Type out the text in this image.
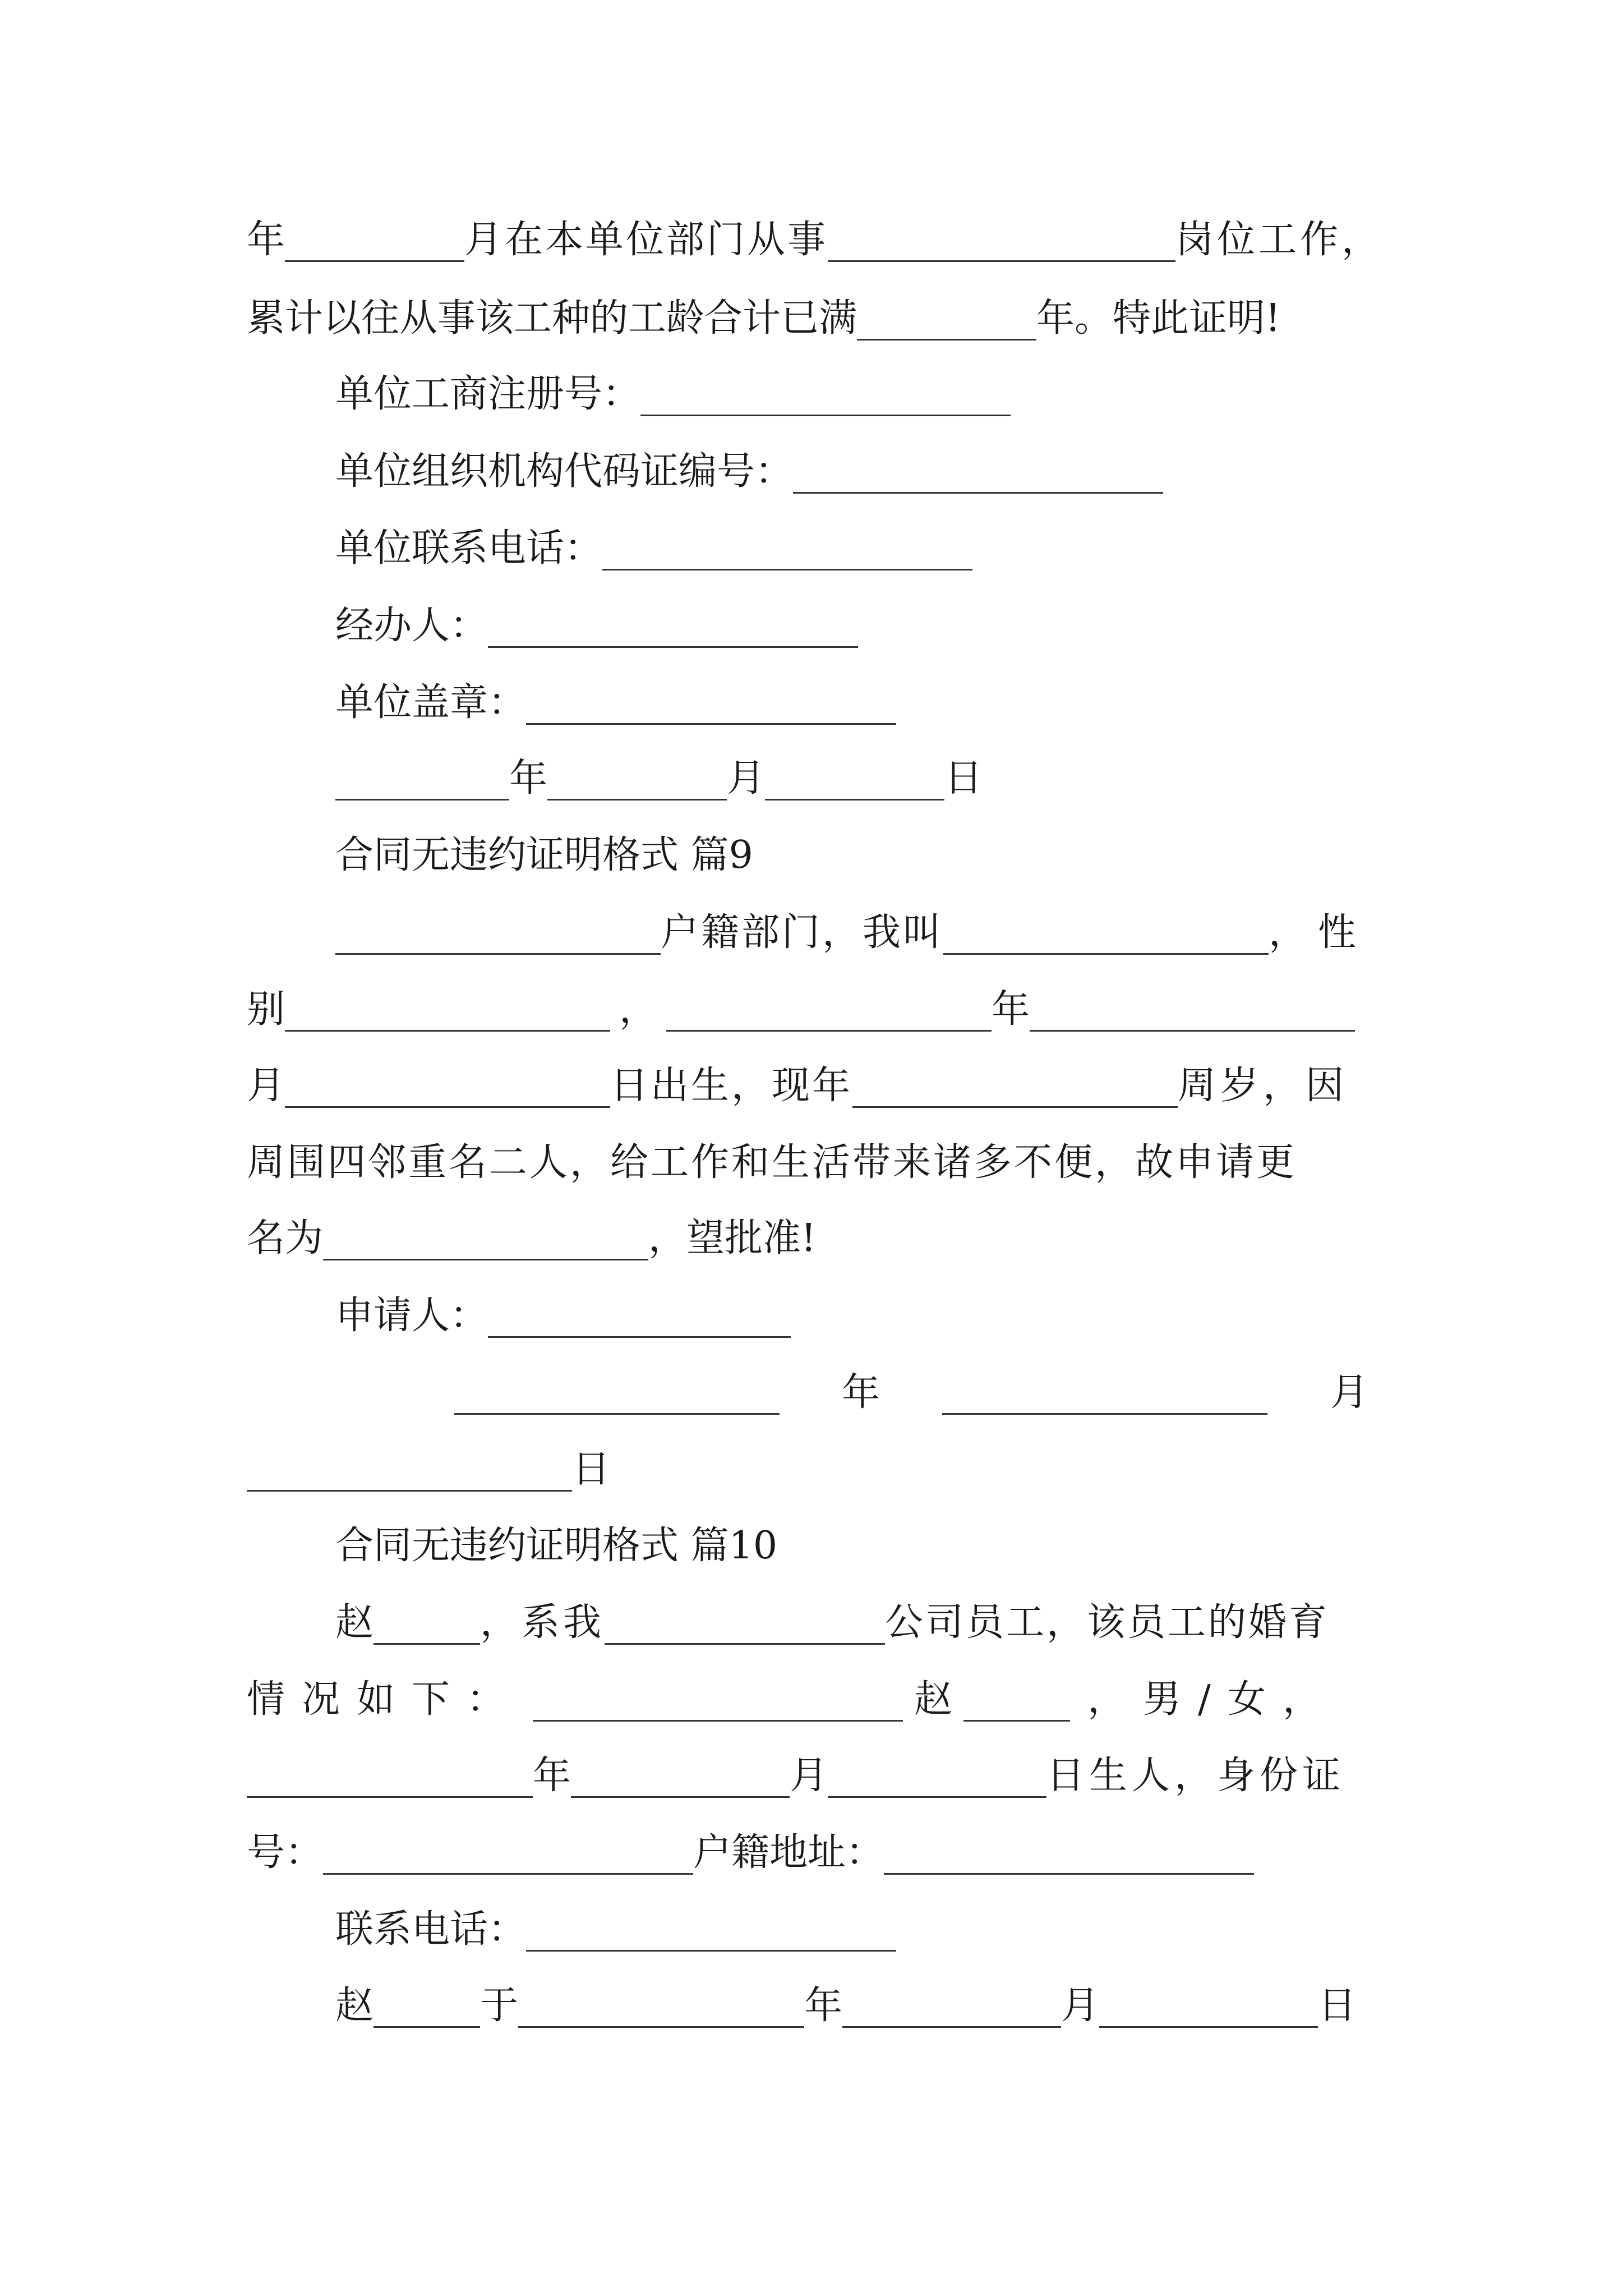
年	月在本单位部门从事	岗位工作，
累计以往从事该工种的工龄合计已满	年。特此证明!
单位工商注册号：
单位组织机构代码证编号：
单位联系电话：
经办人：
单位盖章：
年	月	日
合同无违约证明格式 篇9
户籍部门，我叫	，性
别	，	年
月	日出生，现年	周岁，因
周围四邻重名二人，给工作和生活带来诸多不便，故申请更
名为	，望批准!
申请人：
年	月
日
合同无违约证明格式 篇10
赵	，系我	公司员工，该员工的婚育
情况如下：	赵	， 男/女，
年	月	日生人，身份证
号：	户籍地址：
联系电话：
赵	于	年	月	日
